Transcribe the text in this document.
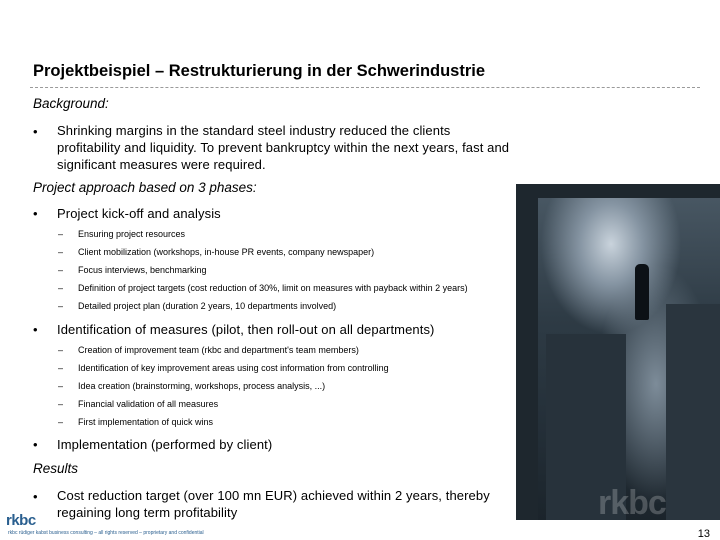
Projektbeispiel – Restrukturierung in der Schwerindustrie
rkbc
Background:
• Shrinking margins in the standard steel industry reduced the clients profitability and liquidity. To prevent bankruptcy within the next years, fast and significant measures were required.
Project approach based on 3 phases:
• Project kick-off and analysis
– Ensuring project resources
– Client mobilization (workshops, in-house PR events, company newspaper)
– Focus interviews, benchmarking
– Definition of project targets (cost reduction of 30%, limit on measures with payback within 2 years)
– Detailed project plan (duration 2 years, 10 departments involved)
• Identification of measures (pilot, then roll-out on all departments)
– Creation of improvement team (rkbc and department's team members)
– Identification of key improvement areas using cost information from controlling
– Idea creation (brainstorming, workshops, process analysis, ...)
– Financial validation of all measures
– First implementation of quick wins
• Implementation (performed by client)
Results
• Cost reduction target (over 100 mn EUR) achieved within 2 years, thereby regaining long term profitability
rkbc
rkbc rüdiger kabst business consulting – all rights reserved – proprietary and confidential	13
